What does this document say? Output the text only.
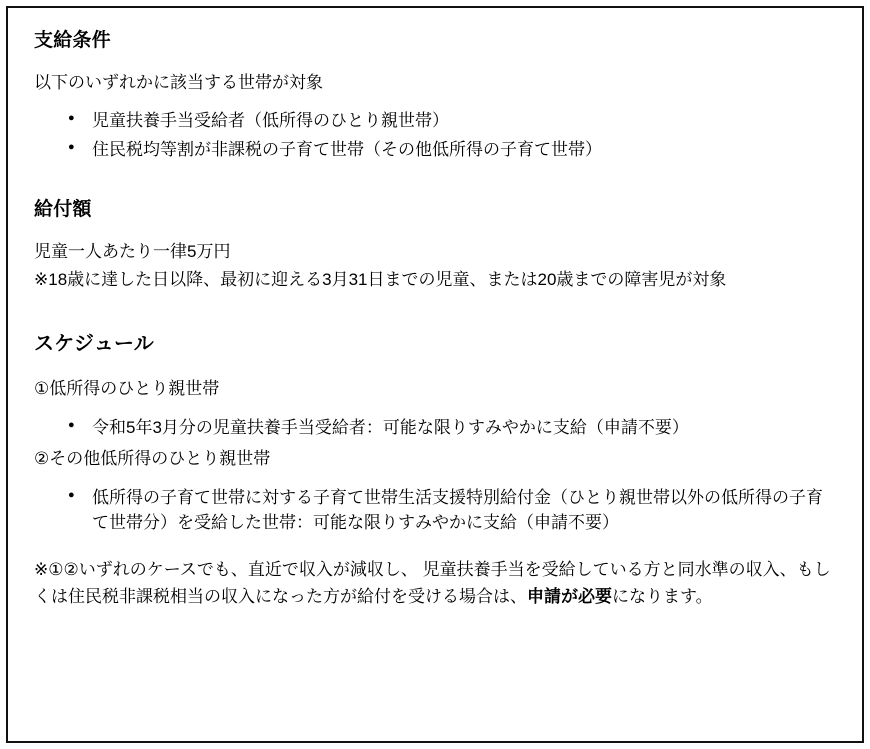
支給条件

以下のいずれかに該当する世帯が対象

● 児童扶養手当受給者（低所得のひとり親世帯）
● 住民税均等割が非課税の子育て世帯（その他低所得の子育て世帯）
給付額

児童一人あたり一律5万円

※18歳に達した日以降、最初に迎える3月31日までの児童、または20歳までの障害児が対象

スケジュール

①低所得のひとり親世帯

● 令和5年3月分の児童扶養手当受給者：可能な限りすみやかに支給（申請不要）

②その他低所得のひとり親世帯

● 低所得の子育て世帯に対する子育て世帯生活支援特別給付金（ひとり親世帯以外の低所得の子育て世帯分）を受給した世帯：可能な限りすみやかに支給（申請不要）

※①②いずれのケースでも、直近で収入が減収し、 児童扶養手当を受給している方と同水準の収入、もしくは住民税非課税相当の収入になった方が給付を受ける場合は、申請が必要になります。
